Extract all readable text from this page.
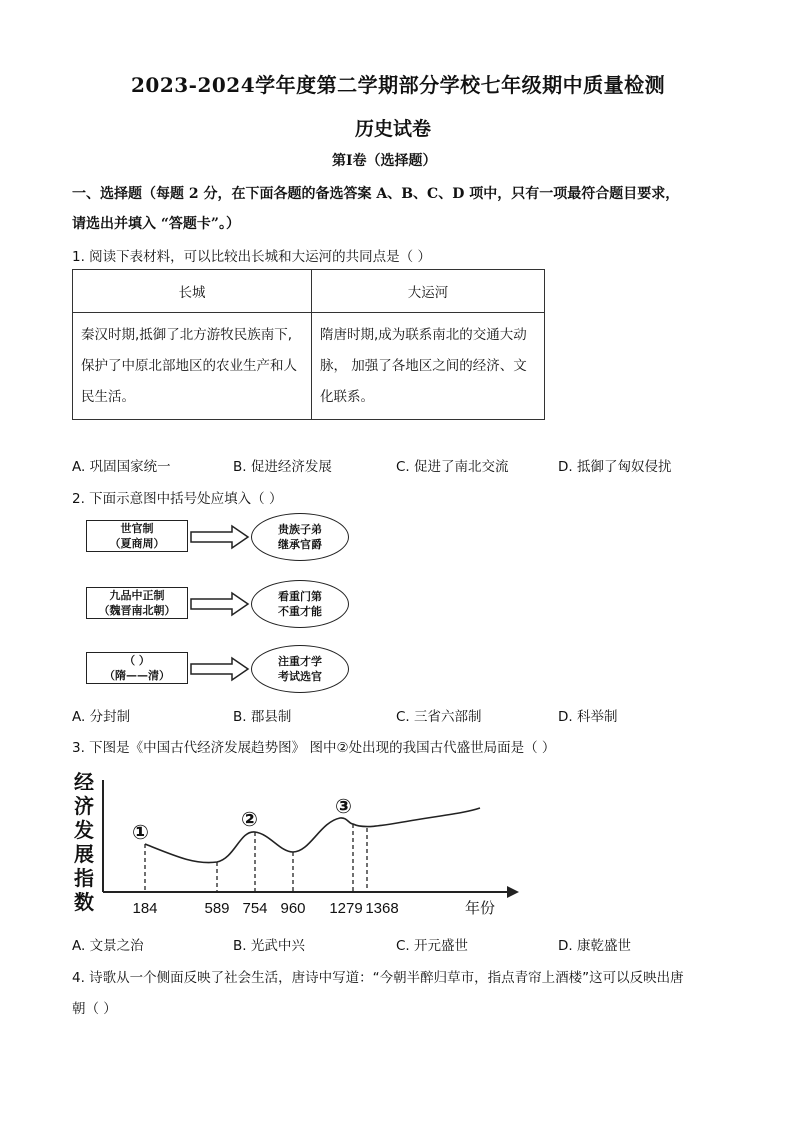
2023-2024学年度第二学期部分学校七年级期中质量检测
历史试卷
第Ⅰ卷（选择题）
一、选择题（每题 2 分，在下面各题的备选答案 A、B、C、D 项中，只有一项最符合题目要求，
请选出并填入 “答题卡”。）
1. 阅读下表材料，可以比较出长城和大运河的共同点是（ ）
长城	大运河
秦汉时期,抵御了北方游牧民族南下,保护了中原北部地区的农业生产和人民生活。	隋唐时期,成为联系南北的交通大动脉， 加强了各地区之间的经济、文化联系。
A. 巩固国家统一	B. 促进经济发展	C. 促进了南北交流	D. 抵御了匈奴侵扰
2. 下面示意图中括号处应填入（ ）
世官制
（夏商周）
贵族子弟
继承官爵
九品中正制
（魏晋南北朝）
看重门第
不重才能
（ ）
（隋——清）
注重才学
考试选官
A. 分封制	B. 郡县制	C. 三省六部制	D. 科举制
3. 下图是《中国古代经济发展趋势图》 图中②处出现的我国古代盛世局面是（ ）
经济发展指数
①
②
③
184	589 754 960 1279 1368	年份
A. 文景之治	B. 光武中兴	C. 开元盛世	D. 康乾盛世
4. 诗歌从一个侧面反映了社会生活，唐诗中写道：“今朝半醉归草市，指点青帘上酒楼”这可以反映出唐
朝（ ）
